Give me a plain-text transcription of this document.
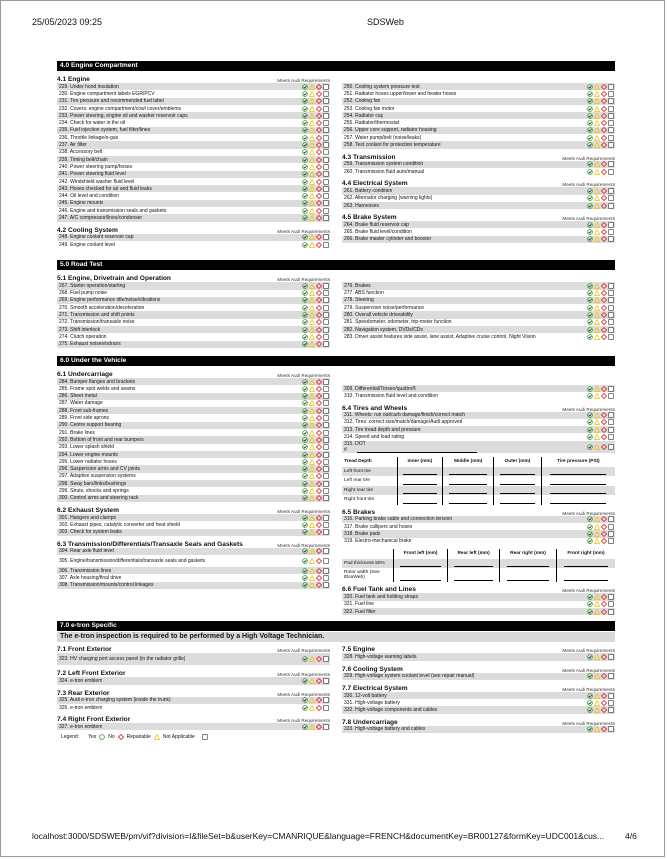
25/05/2023 09:25	SDSWeb
4.0 Engine Compartment
4.1 Engine	Meets Audi Requirements
229. Under hood insulation
230. Engine compartment labels EGR/PCV
231. Tire pressure and recommended fuel label
232. Covers: engine compartment/cowl cover/emblems
233. Power steering, engine oil and washer reservoir caps
234. Check for water in the oil
235. Fuel injection system, fuel filter/lines
236. Throttle linkage/e-gas
237. Air filter
238. Accessory belt
239. Timing belt/chain
240. Power steering pump/hoses
241. Power steering fluid level
242. Windshield washer fluid level
243. Hoses checked for air and fluid leaks
244. Oil level and condition
245. Engine mounts
246. Engine and transmission seals and gaskets
247. A/C compressor/lines/condenser
4.2 Cooling System	Meets Audi Requirements
248. Engine coolant reservoir cap
249. Engine coolant level
250. Cooling system pressure test
251. Radiator hoses upper/lower and heater hoses
252. Cooling fan
253. Cooling fan motor
254. Radiator cap
255. Radiator/thermostat
256. Upper core support, radiator housing
257. Water pump/belt (noise/leaks)
258. Test coolant for protection temperature
4.3 Transmission	Meets Audi Requirements
259. Transmission system condition
260. Transmission fluid auto/manual
4.4 Electrical System	Meets Audi Requirements
261. Battery condition
262. Alternator charging (warning lights)
263. Harnesses
4.5 Brake System	Meets Audi Requirements
264. Brake fluid reservoir cap
265. Brake fluid level/condition
266. Brake master cylinder and booster
5.0 Road Test
5.1 Engine, Drivetrain and Operation	Meets Audi Requirements
267. Starter operation/starting
268. Fuel pump noise
269. Engine performance idle/noise/vibrations
270. Smooth acceleration/deceleration
271. Transmission and shift points
272. Transmission/transaxle noise
273. Shift interlock
274. Clutch operation
275. Exhaust noises/odours
276. Brakes
277. ABS function
278. Steering
279. Suspension noise/performance
280. Overall vehicle driveability
281. Speedometer, odometer, trip-meter function
282. Navigation system, DVDs/CDs
283. Driver assist features side assist, lane assist, Adaptive cruise control, Night Vision
6.0 Under the Vehicle
6.1 Undercarriage	Meets Audi Requirements
284. Bumper flanges and brackets
285. Frame spot welds and seams
286. Sheet metal
287. Water damage
288. Front sub-frames
289. Front side aprons
290. Centre support bearing
291. Brake lines
292. Bottom of front and rear bumpers
293. Lower splash shield
294. Lower engine mounts
295. Lower radiator hoses
296. Suspension arms and CV joints
297. Adaptive suspension systems
298. Sway bars/links/bushings
299. Struts, shocks and springs
300. Control arms and steering rack
6.2 Exhaust System	Meets Audi Requirements
301. Hangers and clamps
302. Exhaust pipes, catalytic converter and heat shield
303. Check for system leaks
6.3 Transmission/Differentials/Transaxle Seals and Gaskets	Meets Audi Requirements
304. Rear axle fluid level
305. Engine/transmission/differentials/transaxle seals and gaskets
306. Transmission lines
307. Axle housing/final drive
308. Transmission/mounts/control linkages
309. Differential/Torsen/quattro®
310. Transmission fluid level and condition
6.4 Tires and Wheels	Meets Audi Requirements
311. Wheels: run out/curb damage/finish/correct match
312. Tires: correct size/match/damage/Audi approved
313. Tire tread depth and pressure
314. Speed and load rating
315. DOT
#
Tread Depth	Inner (mm)	Middle (mm)	Outer (mm)	Tire pressure (PSI)
Left front tire	

Left rear tire	

Right rear tire	

Right front tire	

6.5 Brakes	Meets Audi Requirements
316. Parking brake cable and connection tension
317. Brake callipers and hoses
318. Brake pads
319. Electro-mechanical brake
	Front left (mm)	Rear left (mm)	Rear right (mm)	Front right (mm)
Pad thickness 50%	

Rotor width (See ElsaWeb)	

6.6 Fuel Tank and Lines	Meets Audi Requirements
320. Fuel tank and holding straps
321. Fuel line
322. Fuel filter
7.0 e-tron Specific
The e-tron inspection is required to be performed by a High Voltage Technician.
7.1 Front Exterior	Meets Audi Requirements
323. HV charging port access panel (in the radiator grille)
7.2 Left Front Exterior	Meets Audi Requirements
324. e-tron emblem
7.3 Rear Exterior	Meets Audi Requirements
325. Audi e-tron charging system (inside the trunk)
326. e-tron emblem
7.4 Right Front Exterior	Meets Audi Requirements
327. e-tron emblem
Legend: Yes No Repairable Not Applicable
7.5 Engine	Meets Audi Requirements
328. High-voltage warning labels
7.6 Cooling System	Meets Audi Requirements
329. High-voltage system coolant level (see repair manual)
7.7 Electrical System	Meets Audi Requirements
330. 12-volt battery
331. High-voltage battery
332. High-voltage components and cables
7.8 Undercarriage	Meets Audi Requirements
333. High-voltage battery and cables
localhost:3000/SDSWEB/pm/vif?division=I&fileSet=b&userKey=CMANRIQUE&language=FRENCH&documentKey=BR00127&formKey=UDC001&cus... 4/6
